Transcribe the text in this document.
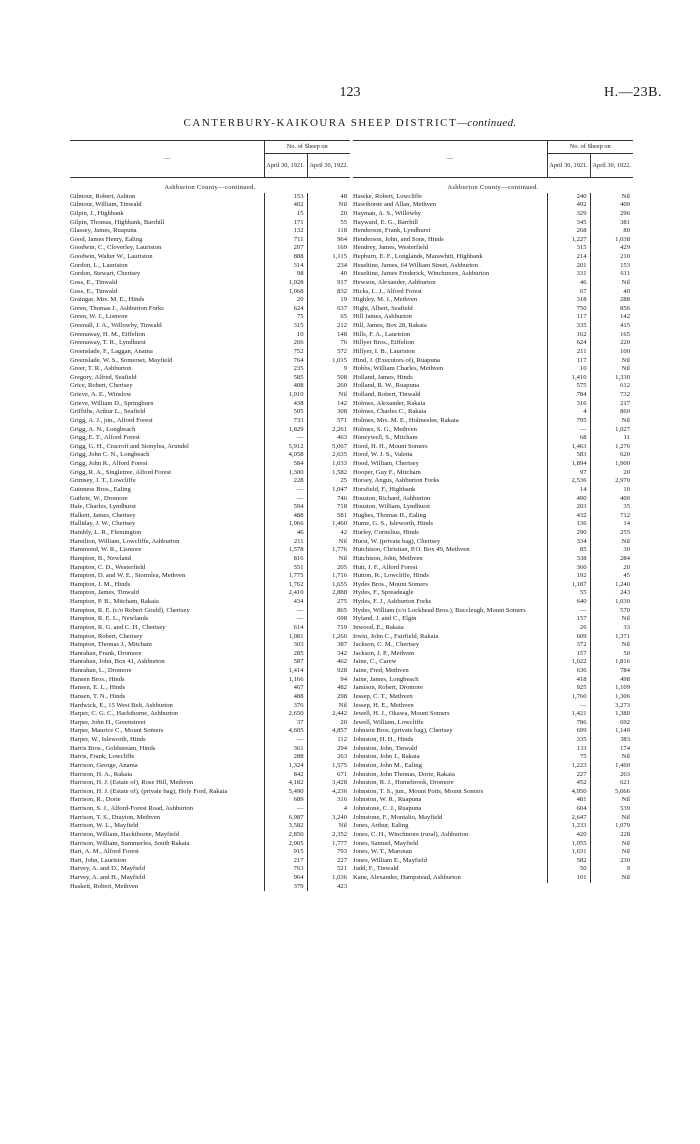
123	H.—23B.
CANTERBURY-KAIKOURA SHEEP DISTRICT—continued.
—	No. of Sheep on	
	April 30, 1921.	April 30, 1922.
Ashburton County—continued.		
Gilmour, Robert, Ashton	153	48
Gilmour, William, Tinwald	402	Nil
Gilpin, J., Highbank	15	20
Gilpin, Thomas, Highbank, Barrhill	171	55
Glassey, James, Ruapuna	132	118
Good, James Henry, Ealing	711	964
Goodwin, C., Cloverley, Lauriston	207	169
Goodwin, Walter W., Lauriston	888	1,115
Gordon, L., Lauriston	314	234
Gordon, Stewart, Chertsey	98	40
Goss, E., Tinwald	1,028	917
Goss, E., Tinwald	1,068	832
Graingar, Mrs. M. E., Hinds	20	19
Green, Thomas J., Ashburton Forks	624	637
Green, W. J., Lismore	75	65
Greenall, J. A., Willowby, Tinwald	315	212
Greenaway, H. M., Eiffelton	10	148
Greenaway, T. R., Lyndhurst	266	76
Greenslade, F., Laggan, Anama	752	572
Greenslade, W. S., Somerset, Mayfield	764	1,015
Greer, T. R., Ashburton	235	9
Gregory, Alfred, Seafield	585	508
Grice, Robert, Chertsey	408	260
Grieve, A. E., Winslow	1,010	Nil
Grieve, William D., Springburn	438	142
Griffiths, Arthur L., Seafield	505	308
Grigg, A. J., jun., Alford Forest	733	571
Grigg, A. N., Longbeach	1,829	2,261
Grigg, E. T., Alford Forest	—	463
Grigg, G. H., Cracroft and Stonylea, Arundel	5,912	5,067
Grigg, John C. N., Longbeach	4,058	2,635
Grigg, John R., Alford Forest	584	1,033
Grigg, R. A., Singletree, Alford Forest	1,300	1,582
Grimsey, J. T., Lowcliffe	228	25
Guinness Bros., Ealing	—	1,047
Guthrie, W., Dromore	—	746
Hale, Charles, Lyndhurst	594	718
Halkett, James, Chertsey	488	581
Halliday, J. W., Chertsey	1,966	1,460
Hambly, L. R., Flemington	46	42
Hamilton, William, Lowcliffe, Ashburton	211	Nil
Hammond, W. R., Lismore	1,578	1,776
Hampton, B., Newland	816	Nil
Hampton, C. D., Westerfield	551	205
Hampton, D. and W. E., Stormlea, Methven	1,775	1,716
Hampton, J. M., Hinds	1,762	1,655
Hampton, James, Tinwald	2,410	2,888
Hampton, P. B., Mitcham, Rakaia	434	275
Hampton, R. E. (c/o Robert Gould), Chertsey	—	865
Hampton, R. E. L., Newlands	—	698
Hampton, R. G. and C. H., Chertsey	614	719
Hampton, Robert, Chertsey	1,081	1,266
Hampton, Thomas J., Mitcham	303	387
Hanrahan, Frank, Dromore	285	342
Hanrahan, John, Box 41, Ashburton	587	462
Hanrahan, L., Dromore	1,414	928
Hansen Bros., Hinds	1,166	94
Hansen, E. L., Hinds	467	482
Hansen, T. N., Hinds	488	298
Hardwick, E., 15 West Belt, Ashburton	376	Nil
Harper, C. G. C., Hackthorne, Ashburton	2,650	2,442
Harper, John H., Greenstreet	37	20
Harper, Maurice C., Mount Somers	4,605	4,857
Harper, W., Isleworth, Hinds	—	112
Harris Bros., Goldstream, Hinds	361	294
Harris, Frank, Lowcliffe	288	263
Harrison, George, Anama	1,324	1,575
Harrison, H. A., Rakaia	842	671
Harrison, H. J. (Estate of), Rose Hill, Methven	4,182	3,428
Harrison, H. J. (Estate of), (private bag), Holy Ford, Rakaia	5,490	4,236
Harrison, R., Dorie	689	316
Harrison, S. J., Alford-Forest Road, Ashburton	—	4
Harrison, T. S., Drayton, Methven	6,987	3,240
Harrison, W. L., Mayfield	3,582	Nil
Harrison, William, Hackthorne, Mayfield	2,850	2,352
Harrison, William, Summerlea, South Rakaia	2,005	1,777
Hart, A. M., Alford Forest	915	793
Hart, John, Lauriston	217	227
Harvey, A. and D., Mayfield	763	521
Harvey, A. and H., Mayfield	964	1,036
Haskett, Robert, Methven	379	423
—	No. of Sheep on	
	April 30, 1921.	April 30, 1922.
Ashburton County—continued.		
Hawke, Robert, Lowcliffe	240	Nil
Hawthorne and Allan, Methven	492	409
Hayman, A. S., Willowby	329	296
Hayward, E. G., Barrhill	345	381
Henderson, Frank, Lyndhurst	268	80
Henderson, John, and Sons, Hinds	1,227	1,038
Hendrey, James, Westerfield	315	429
Hepburn, E. F., Longlands, Marawhiti, Highbank	214	210
Heseltine, James, 64 William Street, Ashburton	201	153
Heseltine, James Frederick, Winchmore, Ashburton	331	611
Hewson, Alexander, Ashburton	46	Nil
Hicks, L. J., Alford Forest	67	40
Highley, M. J., Methven	318	288
Hight, Albert, Seafield	750	856
Hill James, Ashburton	117	142
Hill, James, Box 28, Rakaia	335	415
Hills, F. A., Lauriston	162	165
Hillyer Bros., Eiffelton	624	220
Hillyer, I. B., Lauriston	211	100
Hind, J. (Executors of), Ruapuna	117	Nil
Hobbs, William Charles, Methven	10	Nil
Holland, James, Hinds	1,410	1,330
Holland, R. W., Ruapuna	575	612
Holland, Robert, Tinwald	784	732
Holmes, Alexander, Rakaia	316	217
Holmes, Charles C., Rakaia	4	860
Holmes, Mrs. M. E., Holmeslee, Rakaia	795	Nil
Holmes, S. G., Methven	—	1,027
Honeywell, S., Mitcham	68	11
Hood, H. H., Mount Somers	1,463	1,276
Hood, W. J. S., Valetta	583	620
Hood, William, Chertsey	1,894	1,900
Hooper, Guy F., Mitcham	97	20
Horsey, Angus, Ashburton Forks	2,536	2,970
Horsfield, F., Highbank	14	10
Houston, Richard, Ashburton	490	400
Houston, William, Lyndhurst	203	35
Hughes, Thomas H., Ealing	432	712
Hume, G. S., Isleworth, Hinds	136	14
Hurley, Cornelius, Hinds	290	255
Hurst, W. (private bag), Chertsey	334	Nil
Hutchison, Christian, P.O. Box 49, Methven	85	30
Hutchison, John, Methven	338	284
Hutt, J. F., Alford Forest	360	20
Hutton, R., Lowcliffe, Hinds	192	45
Hydes Bros., Mount Somers	1,187	1,240
Hydes, F., Spreadeagle	55	243
Hydes, F. J., Ashburton Forks	640	1,030
Hydes, William (c/o Lockhead Bros.), Buccleugh, Mount Somers	—	570
Hyland, J. and C., Elgin	157	Nil
Inwood, E., Rakaia	26	33
Irwin, John C., Fairfield, Rakaia	609	1,371
Jackson, C. M., Chertsey	372	Nil
Jackson, J. P., Methven	157	50
Jaine, C., Carew	1,022	1,816
Jaine, Fred, Methven	636	784
Jaine, James, Longbeach	418	498
Jamison, Robert, Dromore	925	1,109
Jessep, C. T., Methven	1,760	1,306
Jessep, H. E., Methven	—	3,273
Jewell, H. J., Okawa, Mount Somers	1,421	1,380
Jewell, William, Lowcliffe	786	692
Johnson Bros. (private bag), Chertsey	699	1,140
Johnston, H. H., Hinds	335	383
Johnston, John, Tinwald	133	174
Johnston, John J., Rakaia	75	Nil
Johnston, John M., Ealing	1,223	1,460
Johnston, John Thomas, Dorie, Rakaia	227	263
Johnston, R. J., Homebrook, Dromore	452	621
Johnston, T. S., jun., Mount Potts, Mount Somers	4,950	5,066
Johnston, W. R., Ruapuna	481	Nil
Johnstone, C. J., Ruapuna	604	539
Johnstone, F., Montalto, Mayfield	2,647	Nil
Jones, Arthur, Ealing	1,233	1,079
Jones, C. H., Winchmore (rural), Ashburton	420	228
Jones, Samuel, Mayfield	1,055	Nil
Jones, W. T., Maronan	1,631	Nil
Jones, William E., Mayfield	582	230
Judd, F., Tinwald	50	9
Kane, Alexander, Hampstead, Ashburton	101	Nil
